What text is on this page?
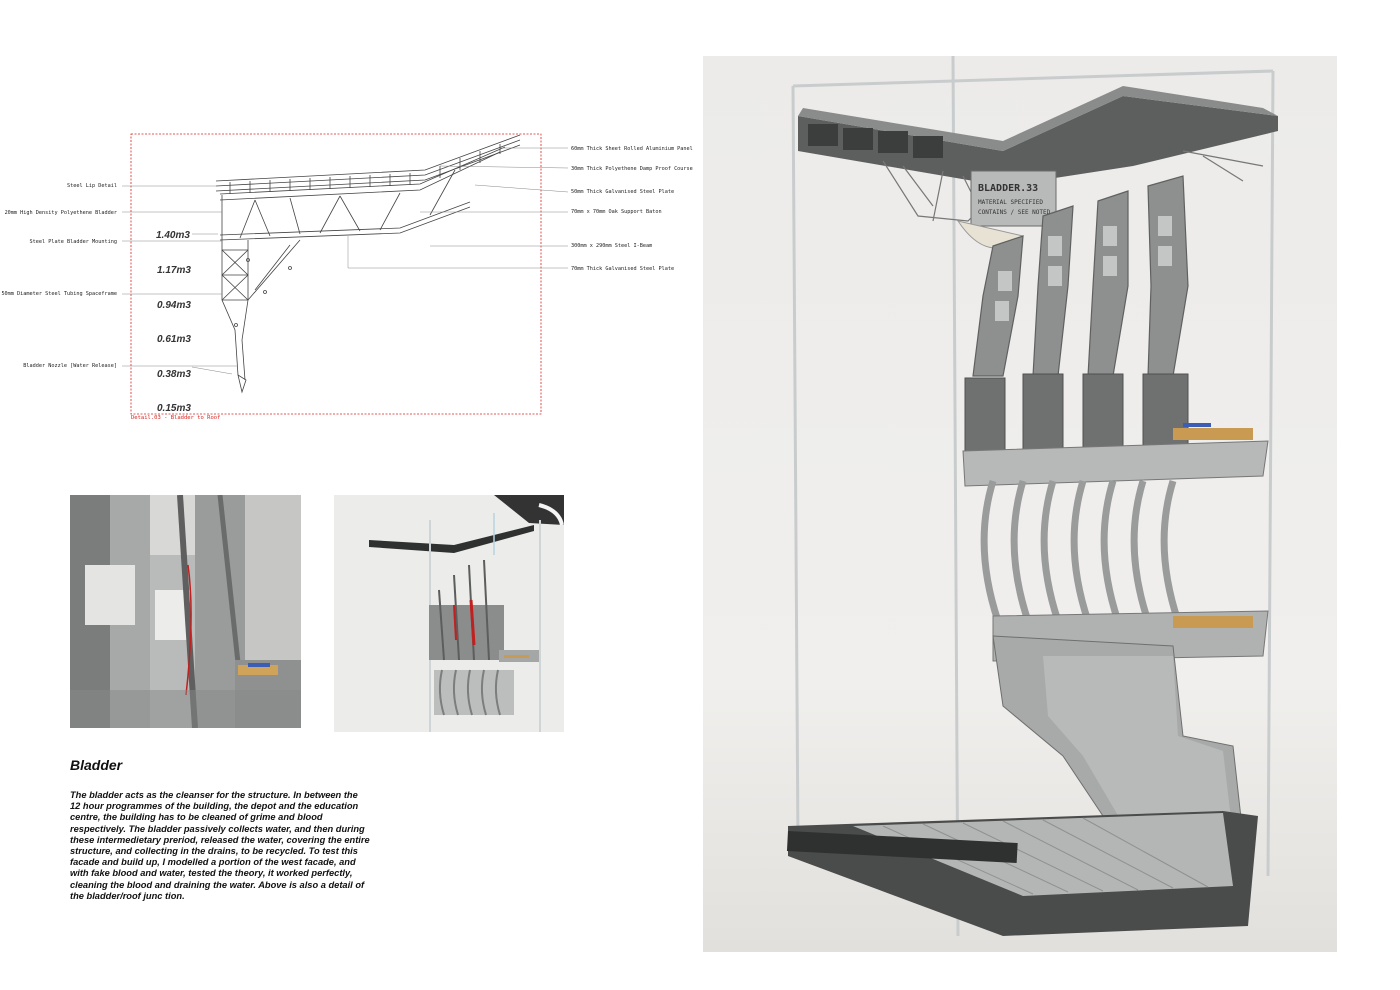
60mm Thick Sheet Rolled Aluminium Panel
30mm Thick Polyethene Damp Proof Course
50mm Thick Galvanised Steel Plate
70mm x 70mm Oak Support Baton
300mm x 290mm Steel I-Beam
70mm Thick Galvanised Steel Plate
Steel Lip Detail
20mm High Density Polyethene Bladder
Steel Plate Bladder Mounting
50mm Diameter Steel Tubing Spaceframe
Bladder Nozzle [Water Release]
1.40m3
1.17m3
0.94m3
0.61m3
0.38m3
0.15m3
Detail.03 - Bladder to Roof
BLADDER.33
MATERIAL SPECIFIED
CONTAINS / SEE NOTED
Bladder
The bladder acts as the cleanser for the structure. In between the 12 hour programmes of the building, the depot and the education centre, the building has to be cleaned of grime and blood respectively. The bladder passively collects water, and then during these intermedietary preriod, released the water, covering the entire structure, and collecting in the drains, to be recycled. To test this facade and build up, I modelled a portion of the west facade, and with fake blood and water, tested the theory, it worked perfectly, cleaning the blood and draining the water. Above is also a detail of the bladder/roof junc tion.
